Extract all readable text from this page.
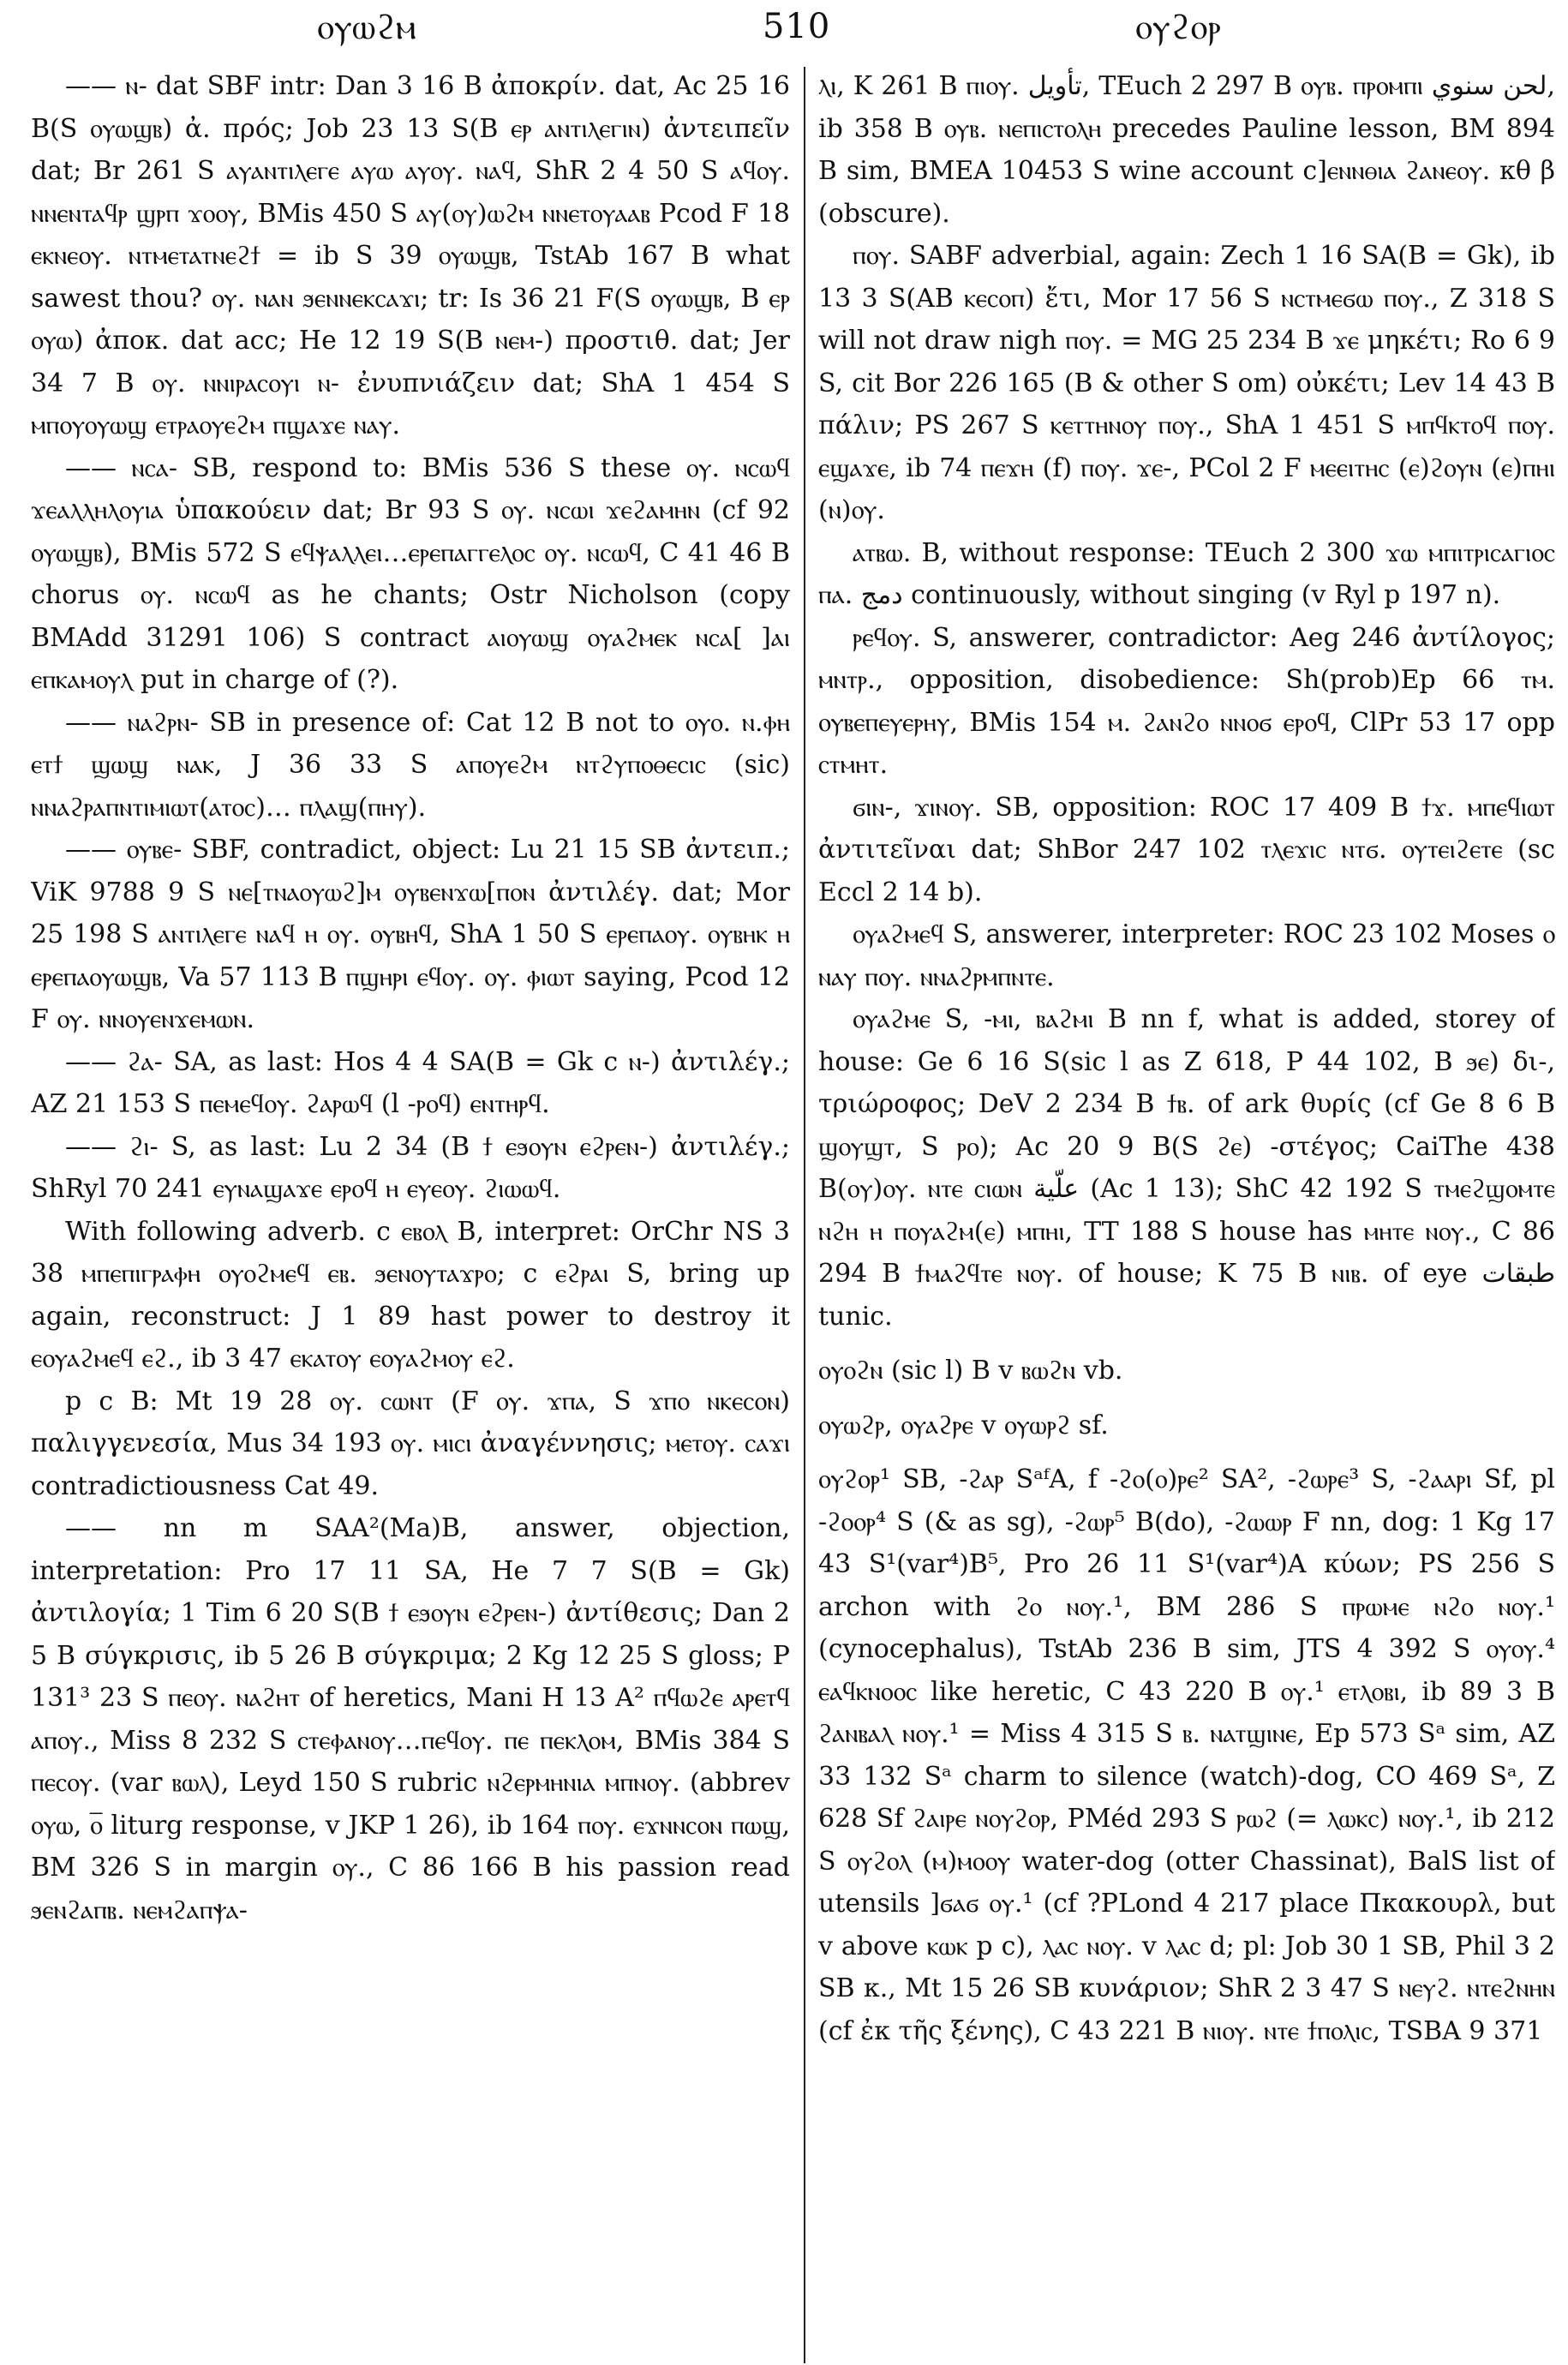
ⲟⲩⲱϩⲙ	510	ⲟⲩϩⲟⲣ

—— ⲛ- dat SBF intr: Dan 3 16 B ἀποκρίν. dat, Ac 25 16 B(S ⲟⲩⲱϣⲃ) ἀ. πρός; Job 23 13 S(B ⲉⲣ ⲁⲛⲧⲓⲗⲉⲅⲓⲛ) ἀντειπεῖν dat; Br 261 S ⲁⲩⲁⲛⲧⲓⲗⲉⲅⲉ ⲁⲩⲱ ⲁⲩⲟⲩ. ⲛⲁϥ, ShR 2 4 50 S ⲁϥⲟⲩ. ⲛⲛⲉⲛⲧⲁϥⲣ ϣⲣⲡ ϫⲟⲟⲩ, BMis 450 S ⲁⲩ(ⲟⲩ)ⲱϩⲙ ⲛⲛⲉⲧⲟⲩⲁⲁⲃ Pcod F 18 ⲉⲕⲛⲉⲟⲩ. ⲛⲧⲙⲉⲧⲁⲧⲛⲉϩϯ = ib S 39 ⲟⲩⲱϣⲃ, TstAb 167 B what sawest thou? ⲟⲩ. ⲛⲁⲛ ϧⲉⲛⲛⲉⲕⲥⲁϫⲓ; tr: Is 36 21 F(S ⲟⲩⲱϣⲃ, B ⲉⲣ ⲟⲩⲱ) ἀποκ. dat acc; He 12 19 S(B ⲛⲉⲙ-) προστιθ. dat; Jer 34 7 B ⲟⲩ. ⲛⲛⲓⲣⲁⲥⲟⲩⲓ ⲛ- ἐνυπνιάζειν dat; ShA 1 454 S ⲙⲡⲟⲩⲟⲩⲱϣ ⲉⲧⲣⲁⲟⲩⲉϩⲙ ⲡϣⲁϫⲉ ⲛⲁⲩ.

—— ⲛⲥⲁ- SB, respond to: BMis 536 S these ⲟⲩ. ⲛⲥⲱϥ ϫⲉⲁⲗⲗⲏⲗⲟⲩⲓⲁ ὑπακούειν dat; Br 93 S ⲟⲩ. ⲛⲥⲱⲓ ϫⲉϩⲁⲙⲏⲛ (cf 92 ⲟⲩⲱϣⲃ), BMis 572 S ⲉϥⲯⲁⲗⲗⲉⲓ…ⲉⲣⲉⲡⲁⲅⲅⲉⲗⲟⲥ ⲟⲩ. ⲛⲥⲱϥ, C 41 46 B chorus ⲟⲩ. ⲛⲥⲱϥ as he chants; Ostr Nicholson (copy BMAdd 31291 106) S contract ⲁⲓⲟⲩⲱϣ ⲟⲩⲁϩⲙⲉⲕ ⲛⲥⲁ[ ]ⲁⲓ ⲉⲡⲕⲁⲙⲟⲩⲗ put in charge of (?).

—— ⲛⲁϩⲣⲛ- SB in presence of: Cat 12 B not to ⲟⲩⲟ. ⲛ.ⲫⲏ ⲉⲧϯ ϣⲱϣ ⲛⲁⲕ, J 36 33 S ⲁⲡⲟⲩⲉϩⲙ ⲛⲧϩⲩⲡⲟⲑⲉⲥⲓⲥ (sic) ⲛⲛⲁϩⲣⲁⲡⲛⲧⲓⲙⲓⲱⲧ(ⲁⲧⲟⲥ)… ⲡⲗⲁϣ(ⲡⲏⲩ).

—— ⲟⲩⲃⲉ- SBF, contradict, object: Lu 21 15 SB ἀντειπ.; ViK 9788 9 S ⲛⲉ[ⲧⲛⲁⲟⲩⲱϩ]ⲙ ⲟⲩⲃⲉⲛϫⲱ[ⲡⲟⲛ ἀντιλέγ. dat; Mor 25 198 S ⲁⲛⲧⲓⲗⲉⲅⲉ ⲛⲁϥ ⲏ ⲟⲩ. ⲟⲩⲃⲏϥ, ShA 1 50 S ⲉⲣⲉⲡⲁⲟⲩ. ⲟⲩⲃⲏⲕ ⲏ ⲉⲣⲉⲡⲁⲟⲩⲱϣⲃ, Va 57 113 B ⲡϣⲏⲣⲓ ⲉϥⲟⲩ. ⲟⲩ. ⲫⲓⲱⲧ saying, Pcod 12 F ⲟⲩ. ⲛⲛⲟⲩⲉⲛϫⲉⲙⲱⲛ.

—— ϩⲁ- SA, as last: Hos 4 4 SA(B = Gk c ⲛ-) ἀντιλέγ.; AZ 21 153 S ⲡⲉⲙⲉϥⲟⲩ. ϩⲁⲣⲱϥ (l -ⲣⲟϥ) ⲉⲛⲧⲏⲣϥ.

—— ϩⲓ- S, as last: Lu 2 34 (B ϯ ⲉϧⲟⲩⲛ ⲉϩⲣⲉⲛ-) ἀντιλέγ.; ShRyl 70 241 ⲉⲩⲛⲁϣⲁϫⲉ ⲉⲣⲟϥ ⲏ ⲉⲩⲉⲟⲩ. ϩⲓⲱⲱϥ.

With following adverb. c ⲉⲃⲟⲗ B, interpret: OrChr NS 3 38 ⲙⲡⲉⲡⲓⲅⲣⲁⲫⲏ ⲟⲩⲟϩⲙⲉϥ ⲉⲃ. ϧⲉⲛⲟⲩⲧⲁϫⲣⲟ; c ⲉϩⲣⲁⲓ S, bring up again, reconstruct: J 1 89 hast power to destroy it ⲉⲟⲩⲁϩⲙⲉϥ ⲉϩ., ib 3 47 ⲉⲕⲁⲧⲟⲩ ⲉⲟⲩⲁϩⲙⲟⲩ ⲉϩ.

p c B: Mt 19 28 ⲟⲩ. ⲥⲱⲛⲧ (F ⲟⲩ. ϫⲡⲁ, S ϫⲡⲟ ⲛⲕⲉⲥⲟⲛ) παλιγγενεσία, Mus 34 193 ⲟⲩ. ⲙⲓⲥⲓ ἀναγέννησις; ⲙⲉⲧⲟⲩ. ⲥⲁϫⲓ contradictiousness Cat 49.

—— nn m SAA²(Ma)B, answer, objection, interpretation: Pro 17 11 SA, He 7 7 S(B = Gk) ἀντιλογία; 1 Tim 6 20 S(B ϯ ⲉϧⲟⲩⲛ ⲉϩⲣⲉⲛ-) ἀντίθεσις; Dan 2 5 B σύγκρισις, ib 5 26 B σύγκριμα; 2 Kg 12 25 S gloss; P 131³ 23 S ⲡⲉⲟⲩ. ⲛⲁϩⲏⲧ of heretics, Mani H 13 A² ⲡϥⲱϩⲉ ⲁⲣⲉⲧϥ ⲁⲡⲟⲩ., Miss 8 232 S ⲥⲧⲉⲫⲁⲛⲟⲩ…ⲡⲉϥⲟⲩ. ⲡⲉ ⲡⲉⲕⲗⲟⲙ, BMis 384 S ⲡⲉⲥⲟⲩ. (var ⲃⲱⲗ), Leyd 150 S rubric ⲛϩⲉⲣⲙⲏⲛⲓⲁ ⲙⲡⲛⲟⲩ. (abbrev ⲟⲩⲱ, ⲟ̅ liturg response, v JKP 1 26), ib 164 ⲡⲟⲩ. ⲉϫⲛⲛⲥⲟⲛ ⲡⲱϣ, BM 326 S in margin ⲟⲩ., C 86 166 B his passion read ϧⲉⲛϩⲁⲡⲃ. ⲛⲉⲙϩⲁⲡⲯⲁ-

ⲗⲓ, K 261 B ⲡⲓⲟⲩ. تأويل, TEuch 2 297 B ⲟⲩⲃ. ⲡⲣⲟⲙⲡⲓ لحن سنوي, ib 358 B ⲟⲩⲃ. ⲛⲉⲡⲓⲥⲧⲟⲗⲏ precedes Pauline lesson, BM 894 B sim, BMEA 10453 S wine account c]ⲉⲛⲛⲑⲓⲁ ϩⲁⲛⲉⲟⲩ. κθ β (obscure).

ⲡⲟⲩ. SABF adverbial, again: Zech 1 16 SA(B = Gk), ib 13 3 S(AB ⲕⲉⲥⲟⲡ) ἔτι, Mor 17 56 S ⲛⲥⲧⲙⲉϭⲱ ⲡⲟⲩ., Z 318 S will not draw nigh ⲡⲟⲩ. = MG 25 234 B ϫⲉ μηκέτι; Ro 6 9 S, cit Bor 226 165 (B & other S om) οὐκέτι; Lev 14 43 B πάλιν; PS 267 S ⲕⲉⲧⲧⲏⲛⲟⲩ ⲡⲟⲩ., ShA 1 451 S ⲙⲡϥⲕⲧⲟϥ ⲡⲟⲩ. ⲉϣⲁϫⲉ, ib 74 ⲡⲉϫⲏ (f) ⲡⲟⲩ. ϫⲉ-, PCol 2 F ⲙⲉⲉⲓⲧⲏⲥ (ⲉ)ϩⲟⲩⲛ (ⲉ)ⲡⲏⲓ (ⲛ)ⲟⲩ.

ⲁⲧⲃⲱ. B, without response: TEuch 2 300 ϫⲱ ⲙⲡⲓⲧⲣⲓⲥⲁⲅⲓⲟⲥ ⲡⲁ. دمج continuously, without singing (v Ryl p 197 n).

ⲣⲉϥⲟⲩ. S, answerer, contradictor: Aeg 246 ἀντίλογος; ⲙⲛⲧⲣ., opposition, disobedience: Sh(prob)Ep 66 ⲧⲙ. ⲟⲩⲃⲉⲡⲉⲩⲉⲣⲏⲩ, BMis 154 ⲙ. ϩⲁⲛϩⲟ ⲛⲛⲟϭ ⲉⲣⲟϥ, ClPr 53 17 opp ⲥⲧⲙⲏⲧ.

ϭⲓⲛ-, ϫⲓⲛⲟⲩ. SB, opposition: ROC 17 409 B ϯϫ. ⲙⲡⲉϥⲓⲱⲧ ἀντιτεῖναι dat; ShBor 247 102 ⲧⲗⲉϫⲓⲥ ⲛⲧϭ. ⲟⲩⲧⲉⲓϩⲉⲧⲉ (sc Eccl 2 14 b).

ⲟⲩⲁϩⲙⲉϥ S, answerer, interpreter: ROC 23 102 Moses ⲟ ⲛⲁⲩ ⲡⲟⲩ. ⲛⲛⲁϩⲣⲙⲡⲛⲧⲉ.

ⲟⲩⲁϩⲙⲉ S, -ⲙⲓ, ⲃⲁϩⲙⲓ B nn f, what is added, storey of house: Ge 6 16 S(sic l as Z 618, P 44 102, B ϧⲉ) δι-, τριώροφος; DeV 2 234 B ϯⲃ. of ark θυρίς (cf Ge 8 6 B ϣⲟⲩϣⲧ, S ⲣⲟ); Ac 20 9 B(S ϩⲉ) -στέγος; CaiThe 438 B(ⲟⲩ)ⲟⲩ. ⲛⲧⲉ ⲥⲓⲱⲛ علّية (Ac 1 13); ShC 42 192 S ⲧⲙⲉϩϣⲟⲙⲧⲉ ⲛϩⲏ ⲏ ⲡⲟⲩⲁϩⲙ(ⲉ) ⲙⲡⲏⲓ, TT 188 S house has ⲙⲏⲧⲉ ⲛⲟⲩ., C 86 294 B ϯⲙⲁϩϥⲧⲉ ⲛⲟⲩ. of house; K 75 B ⲛⲓⲃ. of eye طبقات tunic.

ⲟⲩⲟϩⲛ (sic l) B v ⲃⲱϩⲛ vb.

ⲟⲩⲱϩⲣ, ⲟⲩⲁϩⲣⲉ v ⲟⲩⲱⲣϩ sf.

ⲟⲩϩⲟⲣ¹ SB, -ϩⲁⲣ SᵃᶠA, f -ϩⲟ(ⲟ)ⲣⲉ² SA², -ϩⲱⲣⲉ³ S, -ϩⲁⲁⲣⲓ Sf, pl -ϩⲟⲟⲣ⁴ S (& as sg), -ϩⲱⲣ⁵ B(do), -ϩⲱⲱⲣ F nn, dog: 1 Kg 17 43 S¹(var⁴)B⁵, Pro 26 11 S¹(var⁴)A κύων; PS 256 S archon with ϩⲟ ⲛⲟⲩ.¹, BM 286 S ⲡⲣⲱⲙⲉ ⲛϩⲟ ⲛⲟⲩ.¹ (cynocephalus), TstAb 236 B sim, JTS 4 392 S ⲟⲩⲟⲩ.⁴ ⲉⲁϥⲕⲛⲟⲟⲥ like heretic, C 43 220 B ⲟⲩ.¹ ⲉⲧⲗⲟⲃⲓ, ib 89 3 B ϩⲁⲛⲃⲁⲗ ⲛⲟⲩ.¹ = Miss 4 315 S ⲃ. ⲛⲁⲧϣⲓⲛⲉ, Ep 573 Sᵃ sim, AZ 33 132 Sᵃ charm to silence (watch)-dog, CO 469 Sᵃ, Z 628 Sf ϩⲁⲓⲣⲉ ⲛⲟⲩϩⲟⲣ, PMéd 293 S ⲣⲱϩ (= ⲗⲱⲕⲥ) ⲛⲟⲩ.¹, ib 212 S ⲟⲩϩⲟⲗ (ⲙ)ⲙⲟⲟⲩ water-dog (otter Chassinat), BalS list of utensils ]ϭⲁϭ ⲟⲩ.¹ (cf ?PLond 4 217 place Πκακουρλ, but v above ⲕⲱⲕ p c), ⲗⲁⲥ ⲛⲟⲩ. v ⲗⲁⲥ d; pl: Job 30 1 SB, Phil 3 2 SB κ., Mt 15 26 SB κυνάριον; ShR 2 3 47 S ⲛⲉⲩϩ. ⲛⲧⲉϩⲛⲏⲛ (cf ἐκ τῆς ξένης), C 43 221 B ⲛⲓⲟⲩ. ⲛⲧⲉ ϯⲡⲟⲗⲓⲥ, TSBA 9 371
